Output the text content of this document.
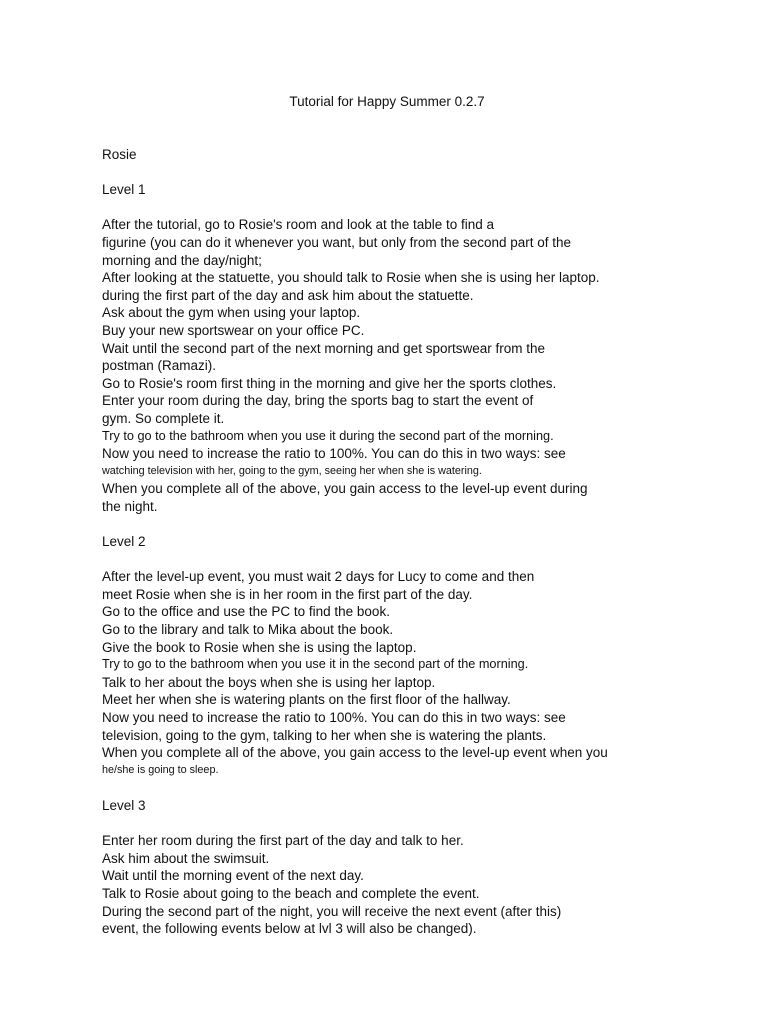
Tutorial for Happy Summer 0.2.7

Rosie

Level 1

After the tutorial, go to Rosie's room and look at the table to find a

figurine (you can do it whenever you want, but only from the second part of the

morning and the day/night;

After looking at the statuette, you should talk to Rosie when she is using her laptop.

during the first part of the day and ask him about the statuette.

Ask about the gym when using your laptop.

Buy your new sportswear on your office PC.

Wait until the second part of the next morning and get sportswear from the

postman (Ramazi).

Go to Rosie's room first thing in the morning and give her the sports clothes.

Enter your room during the day, bring the sports bag to start the event of

gym. So complete it.

Try to go to the bathroom when you use it during the second part of the morning.

Now you need to increase the ratio to 100%. You can do this in two ways: see

watching television with her, going to the gym, seeing her when she is watering.

When you complete all of the above, you gain access to the level-up event during

the night.

Level 2

After the level-up event, you must wait 2 days for Lucy to come and then

meet Rosie when she is in her room in the first part of the day.

Go to the office and use the PC to find the book.

Go to the library and talk to Mika about the book.

Give the book to Rosie when she is using the laptop.

Try to go to the bathroom when you use it in the second part of the morning.

Talk to her about the boys when she is using her laptop.

Meet her when she is watering plants on the first floor of the hallway.

Now you need to increase the ratio to 100%. You can do this in two ways: see

television, going to the gym, talking to her when she is watering the plants.

When you complete all of the above, you gain access to the level-up event when you

he/she is going to sleep.

Level 3

Enter her room during the first part of the day and talk to her.

Ask him about the swimsuit.

Wait until the morning event of the next day.

Talk to Rosie about going to the beach and complete the event.

During the second part of the night, you will receive the next event (after this)

event, the following events below at lvl 3 will also be changed).
